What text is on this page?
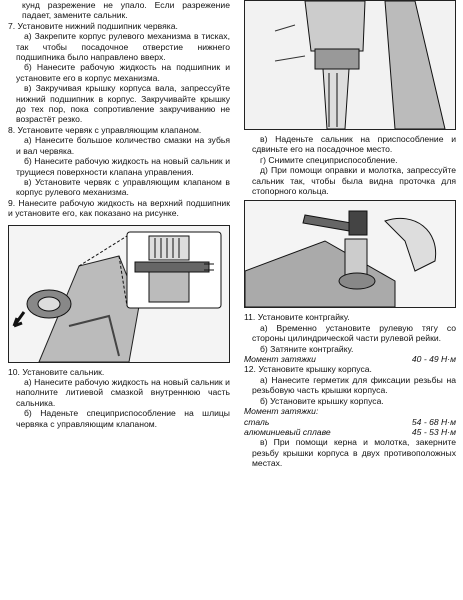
кунд разрежение не упало. Если разрежение падает, замените сальник.

7. Установите нижний подшипник червяка.

а) Закрепите корпус рулевого механизма в тисках, так чтобы посадочное отверстие нижнего подшипника было направлено вверх.

б) Нанесите рабочую жидкость на подшипник и установите его в корпус механизма.

в) Закручивая крышку корпуса вала, запрессуйте нижний подшипник в корпус. Закручивайте крышку до тех пор, пока сопротивление закручиванию не возрастёт резко.

8. Установите червяк с управляющим клапаном.

а) Нанесите большое количество смазки на зубья и вал червяка.

б) Нанесите рабочую жидкость на новый сальник и трущиеся поверхности клапана управления.

в) Установите червяк с управляющим клапаном в корпус рулевого механизма.

9. Нанесите рабочую жидкость на верхний подшипник и установите его, как показано на рисунке.

10. Установите сальник.

а) Нанесите рабочую жидкость на новый сальник и наполните литиевой смазкой внутреннюю часть сальника.

б) Наденьте специприспособление на шлицы червяка с управляющим клапаном.

в) Наденьте сальник на приспособление и сдвиньте его на посадочное место.

г) Снимите специприспособление.

д) При помощи оправки и молотка, запрессуйте сальник так, чтобы была видна проточка для стопорного кольца.

11. Установите контргайку.

а) Временно установите рулевую тягу со стороны цилиндрической части рулевой рейки.

б) Затяните контргайку.

Момент затяжки	40 - 49 Н·м

12. Установите крышку корпуса.

а) Нанесите герметик для фиксации резьбы на резьбовую часть крышки корпуса.

б) Установите крышку корпуса.

Момент затяжки:

сталь	54 - 68 Н·м
алюминиевый сплаве	45 - 53 Н·м

в) При помощи керна и молотка, закерните резьбу крышки корпуса в двух противоположных местах.
